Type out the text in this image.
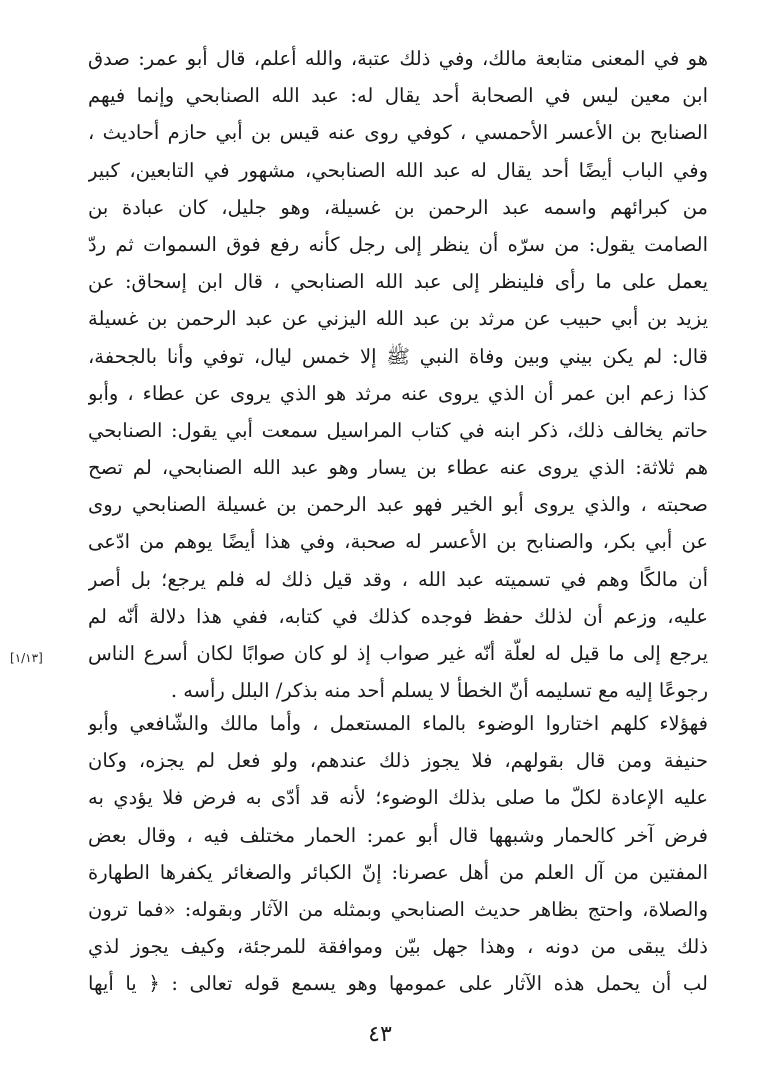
هو في المعنى متابعة مالك، وفي ذلك عتبة، والله أعلم، قال أبو عمر: صدق
ابن معين ليس في الصحابة أحد يقال له: عبد الله الصنابحي وإنما فيهم
الصنابح بن الأعسر الأحمسي ، كوفي روى عنه قيس بن أبي حازم أحاديث ،
وفي الباب أيضًا أحد يقال له عبد الله الصنابحي، مشهور في التابعين، كبير
من كبرائهم واسمه عبد الرحمن بن غسيلة، وهو جليل، كان عبادة بن
الصامت يقول: من سرّه أن ينظر إلى رجل كأنه رفع فوق السموات ثم ردّ
يعمل على ما رأى فلينظر إلى عبد الله الصنابحي ، قال ابن إسحاق: عن
يزيد بن أبي حبيب عن مرثد بن عبد الله اليزني عن عبد الرحمن بن غسيلة
قال: لم يكن بيني وبين وفاة النبي ﷺ إلا خمس ليال، توفي وأنا بالجحفة،
كذا زعم ابن عمر أن الذي يروى عنه مرثد هو الذي يروى عن عطاء ، وأبو
حاتم يخالف ذلك، ذكر ابنه في كتاب المراسيل سمعت أبي يقول: الصنابحي
هم ثلاثة: الذي يروى عنه عطاء بن يسار وهو عبد الله الصنابحي، لم تصح
صحبته ، والذي يروى أبو الخير فهو عبد الرحمن بن غسيلة الصنابحي روى
عن أبي بكر، والصنابح بن الأعسر له صحبة، وفي هذا أيضًا يوهم من ادّعى
أن مالكًا وهم في تسميته عبد الله ، وقد قيل ذلك له فلم يرجع؛ بل أصر
عليه، وزعم أن لذلك حفظ فوجده كذلك في كتابه، ففي هذا دلالة أنّه لم
يرجع إلى ما قيل له لعلّة أنّه غير صواب إذ لو كان صوابًا لكان أسرع الناس
رجوعًا إليه مع تسليمه أنّ الخطأ لا يسلم أحد منه بذكر/ البلل رأسه .
[١/١٣]
فهؤلاء كلهم اختاروا الوضوء بالماء المستعمل ، وأما مالك والشّافعي وأبو
حنيفة ومن قال بقولهم، فلا يجوز ذلك عندهم، ولو فعل لم يجزه، وكان
عليه الإعادة لكلّ ما صلى بذلك الوضوء؛ لأنه قد أدّى به فرض فلا يؤدي به
فرض آخر كالحمار وشبهها قال أبو عمر: الحمار مختلف فيه ، وقال بعض
المفتين من آل العلم من أهل عصرنا: إنّ الكبائر والصغائر يكفرها الطهارة
والصلاة، واحتج بظاهر حديث الصنابحي وبمثله من الآثار وبقوله: «فما ترون
ذلك يبقى من دونه ، وهذا جهل بيّن وموافقة للمرجئة، وكيف يجوز لذي
لب أن يحمل هذه الآثار على عمومها وهو يسمع قوله تعالى : ﴿ يا أيها
٤٣
